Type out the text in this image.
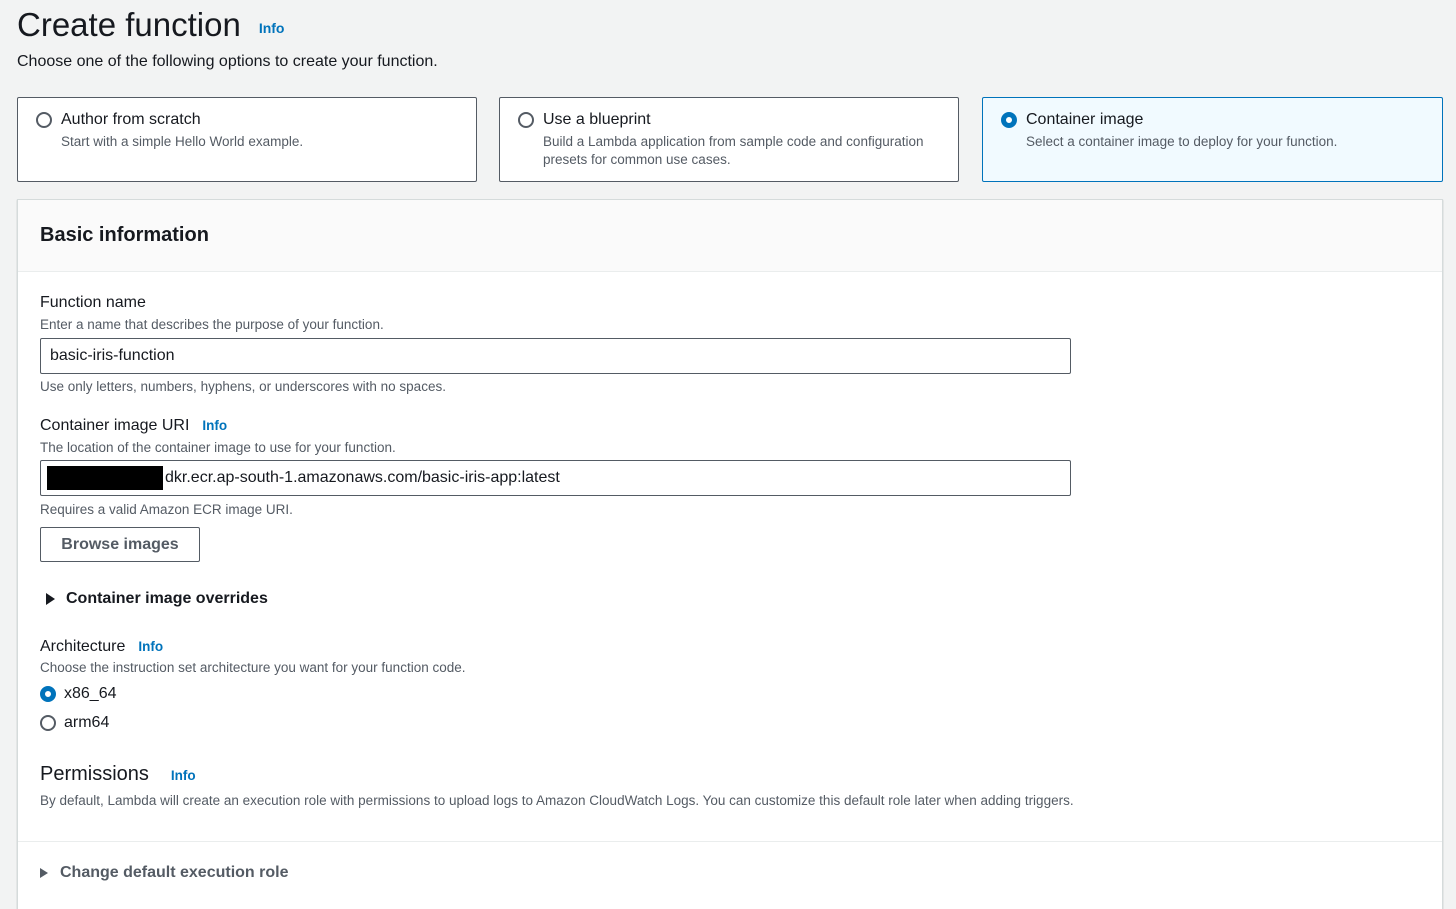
Create function Info
Choose one of the following options to create your function.
Author from scratch
Start with a simple Hello World example.
Use a blueprint
Build a Lambda application from sample code and configuration presets for common use cases.
Container image
Select a container image to deploy for your function.
Basic information
Function name
Enter a name that describes the purpose of your function.
basic-iris-function
Use only letters, numbers, hyphens, or underscores with no spaces.
Container image URI Info
The location of the container image to use for your function.
dkr.ecr.ap-south-1.amazonaws.com/basic-iris-app:latest
Requires a valid Amazon ECR image URI.
Browse images
Container image overrides
Architecture Info
Choose the instruction set architecture you want for your function code.
x86_64
arm64
Permissions Info
By default, Lambda will create an execution role with permissions to upload logs to Amazon CloudWatch Logs. You can customize this default role later when adding triggers.
Change default execution role
